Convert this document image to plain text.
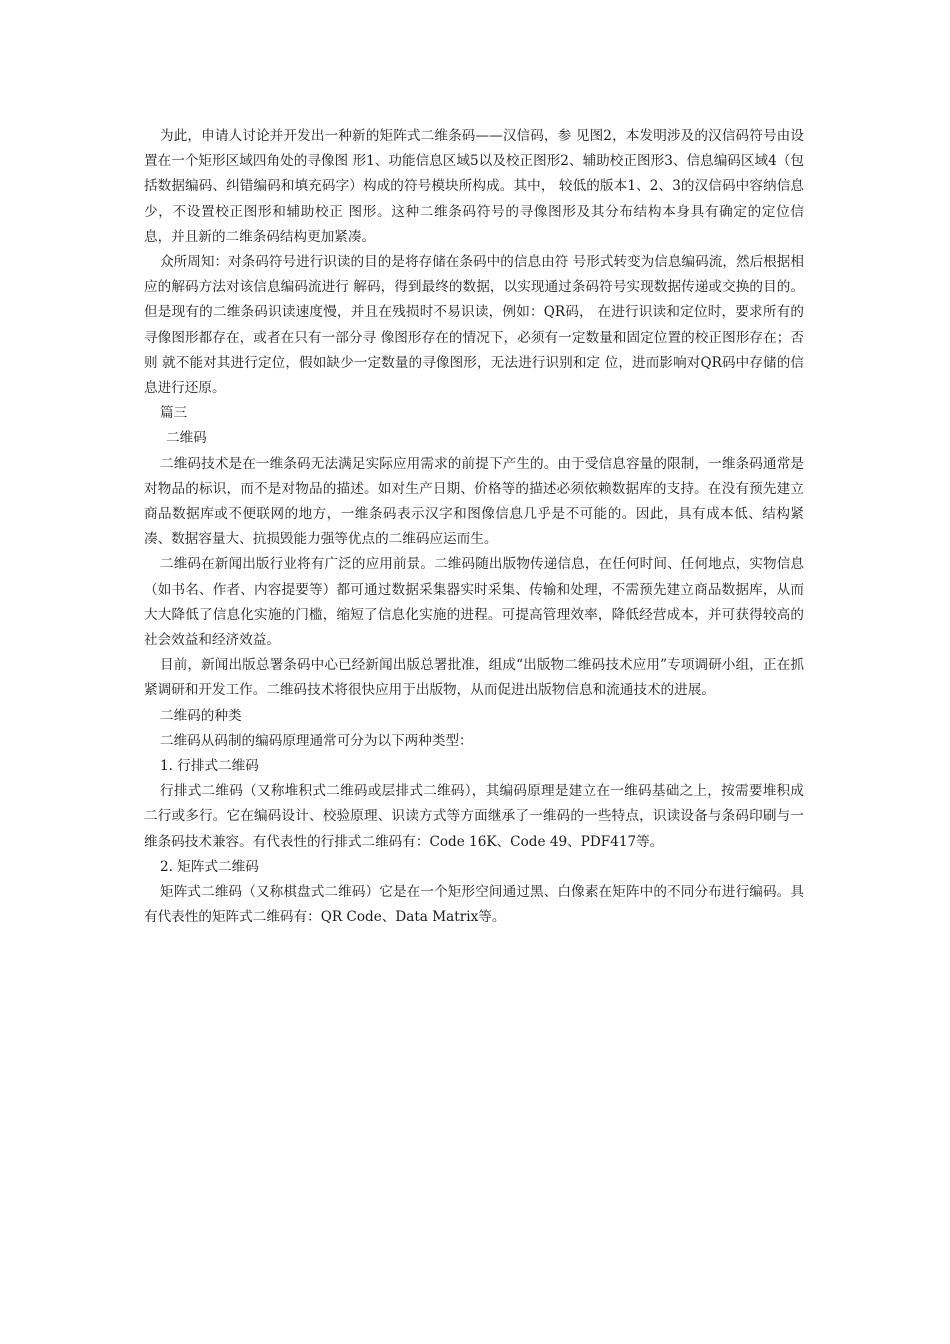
为此，申请人讨论并开发出一种新的矩阵式二维条码——汉信码，参 见图2，本发明涉及的汉信码符号由设置在一个矩形区域四角处的寻像图 形1、功能信息区域5以及校正图形2、辅助校正图形3、信息编码区域4（包括数据编码、纠错编码和填充码字）构成的符号模块所构成。其中， 较低的版本1、2、3的汉信码中容纳信息少，不设置校正图形和辅助校正 图形。这种二维条码符号的寻像图形及其分布结构本身具有确定的定位信 息，并且新的二维条码结构更加紧凑。

众所周知：对条码符号进行识读的目的是将存储在条码中的信息由符 号形式转变为信息编码流，然后根据相应的解码方法对该信息编码流进行 解码，得到最终的数据，以实现通过条码符号实现数据传递或交换的目的。 但是现有的二维条码识读速度慢，并且在残损时不易识读，例如：QR码， 在进行识读和定位时，要求所有的寻像图形都存在，或者在只有一部分寻 像图形存在的情况下，必须有一定数量和固定位置的校正图形存在；否则 就不能对其进行定位，假如缺少一定数量的寻像图形，无法进行识别和定 位，进而影响对QR码中存储的信息进行还原。

篇三

二维码

二维码技术是在一维条码无法满足实际应用需求的前提下产生的。由于受信息容量的限制，一维条码通常是对物品的标识，而不是对物品的描述。如对生产日期、价格等的描述必须依赖数据库的支持。在没有预先建立商品数据库或不便联网的地方，一维条码表示汉字和图像信息几乎是不可能的。因此，具有成本低、结构紧凑、数据容量大、抗损毁能力强等优点的二维码应运而生。

二维码在新闻出版行业将有广泛的应用前景。二维码随出版物传递信息，在任何时间、任何地点，实物信息（如书名、作者、内容提要等）都可通过数据采集器实时采集、传输和处理，不需预先建立商品数据库，从而大大降低了信息化实施的门槛，缩短了信息化实施的进程。可提高管理效率，降低经营成本，并可获得较高的社会效益和经济效益。

目前，新闻出版总署条码中心已经新闻出版总署批准，组成“出版物二维码技术应用”专项调研小组，正在抓紧调研和开发工作。二维码技术将很快应用于出版物，从而促进出版物信息和流通技术的进展。

二维码的种类

二维码从码制的编码原理通常可分为以下两种类型：

1. 行排式二维码

行排式二维码（又称堆积式二维码或层排式二维码），其编码原理是建立在一维码基础之上，按需要堆积成二行或多行。它在编码设计、校验原理、识读方式等方面继承了一维码的一些特点，识读设备与条码印刷与一维条码技术兼容。有代表性的行排式二维码有：Code 16K、Code 49、PDF417等。

2. 矩阵式二维码

矩阵式二维码（又称棋盘式二维码）它是在一个矩形空间通过黑、白像素在矩阵中的不同分布进行编码。具有代表性的矩阵式二维码有：QR Code、Data Matrix等。
